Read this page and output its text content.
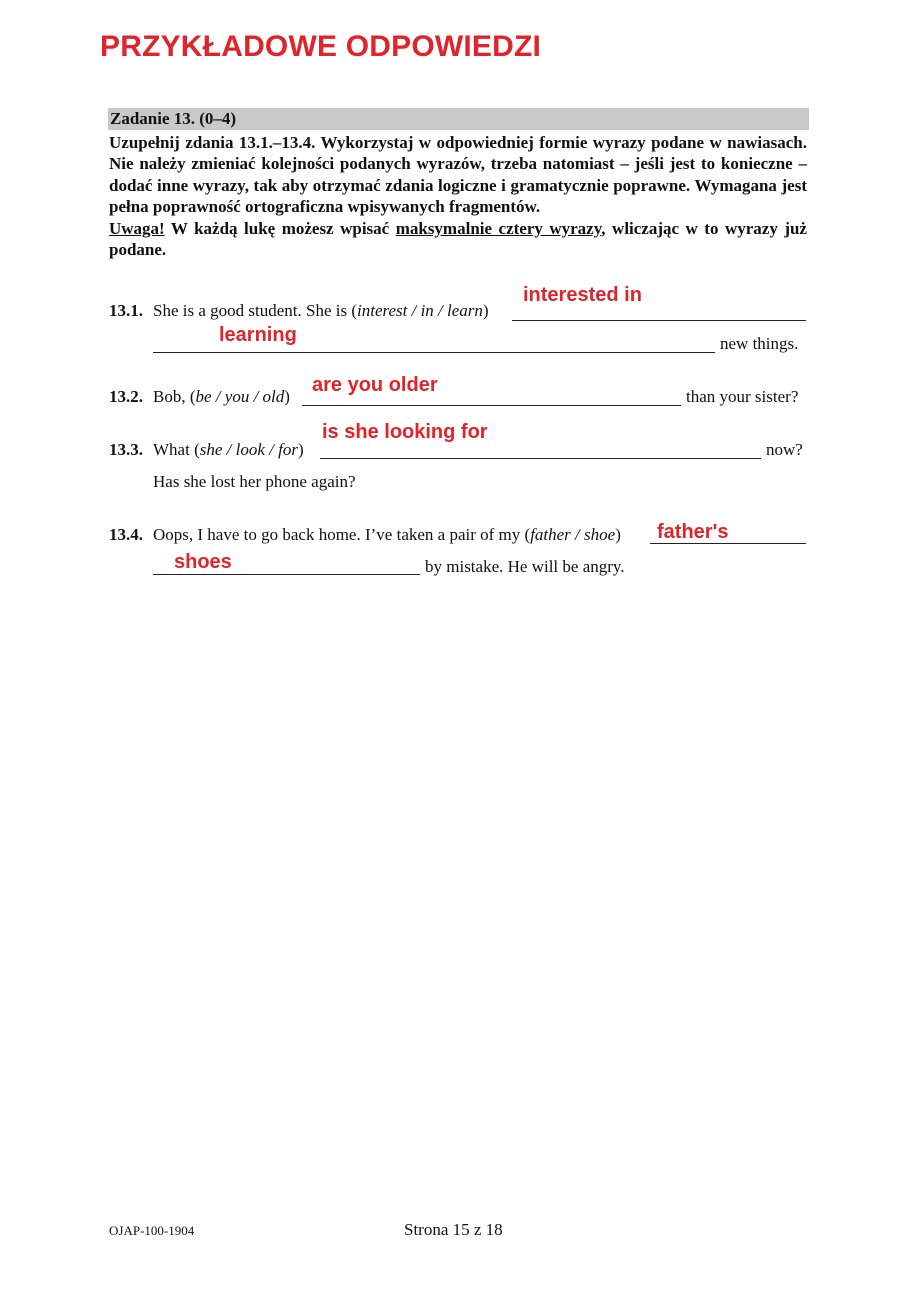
PRZYKŁADOWE ODPOWIEDZI
Zadanie 13. (0–4)
Uzupełnij zdania 13.1.–13.4. Wykorzystaj w odpowiedniej formie wyrazy podane w nawiasach. Nie należy zmieniać kolejności podanych wyrazów, trzeba natomiast – jeśli jest to konieczne – dodać inne wyrazy, tak aby otrzymać zdania logiczne i gramatycznie poprawne. Wymagana jest pełna poprawność ortograficzna wpisywanych fragmentów.
Uwaga! W każdą lukę możesz wpisać maksymalnie cztery wyrazy, wliczając w to wyrazy już podane.
13.1. She is a good student. She is (interest / in / learn)
interested in
learning	new things.
13.2. Bob, (be / you / old)
are you older
than your sister?
13.3. What (she / look / for)
is she looking for
now?
Has she lost her phone again?
13.4. Oops, I have to go back home. I’ve taken a pair of my (father / shoe) father's
shoes	by mistake. He will be angry.
OJAP-100-1904	Strona 15 z 18
